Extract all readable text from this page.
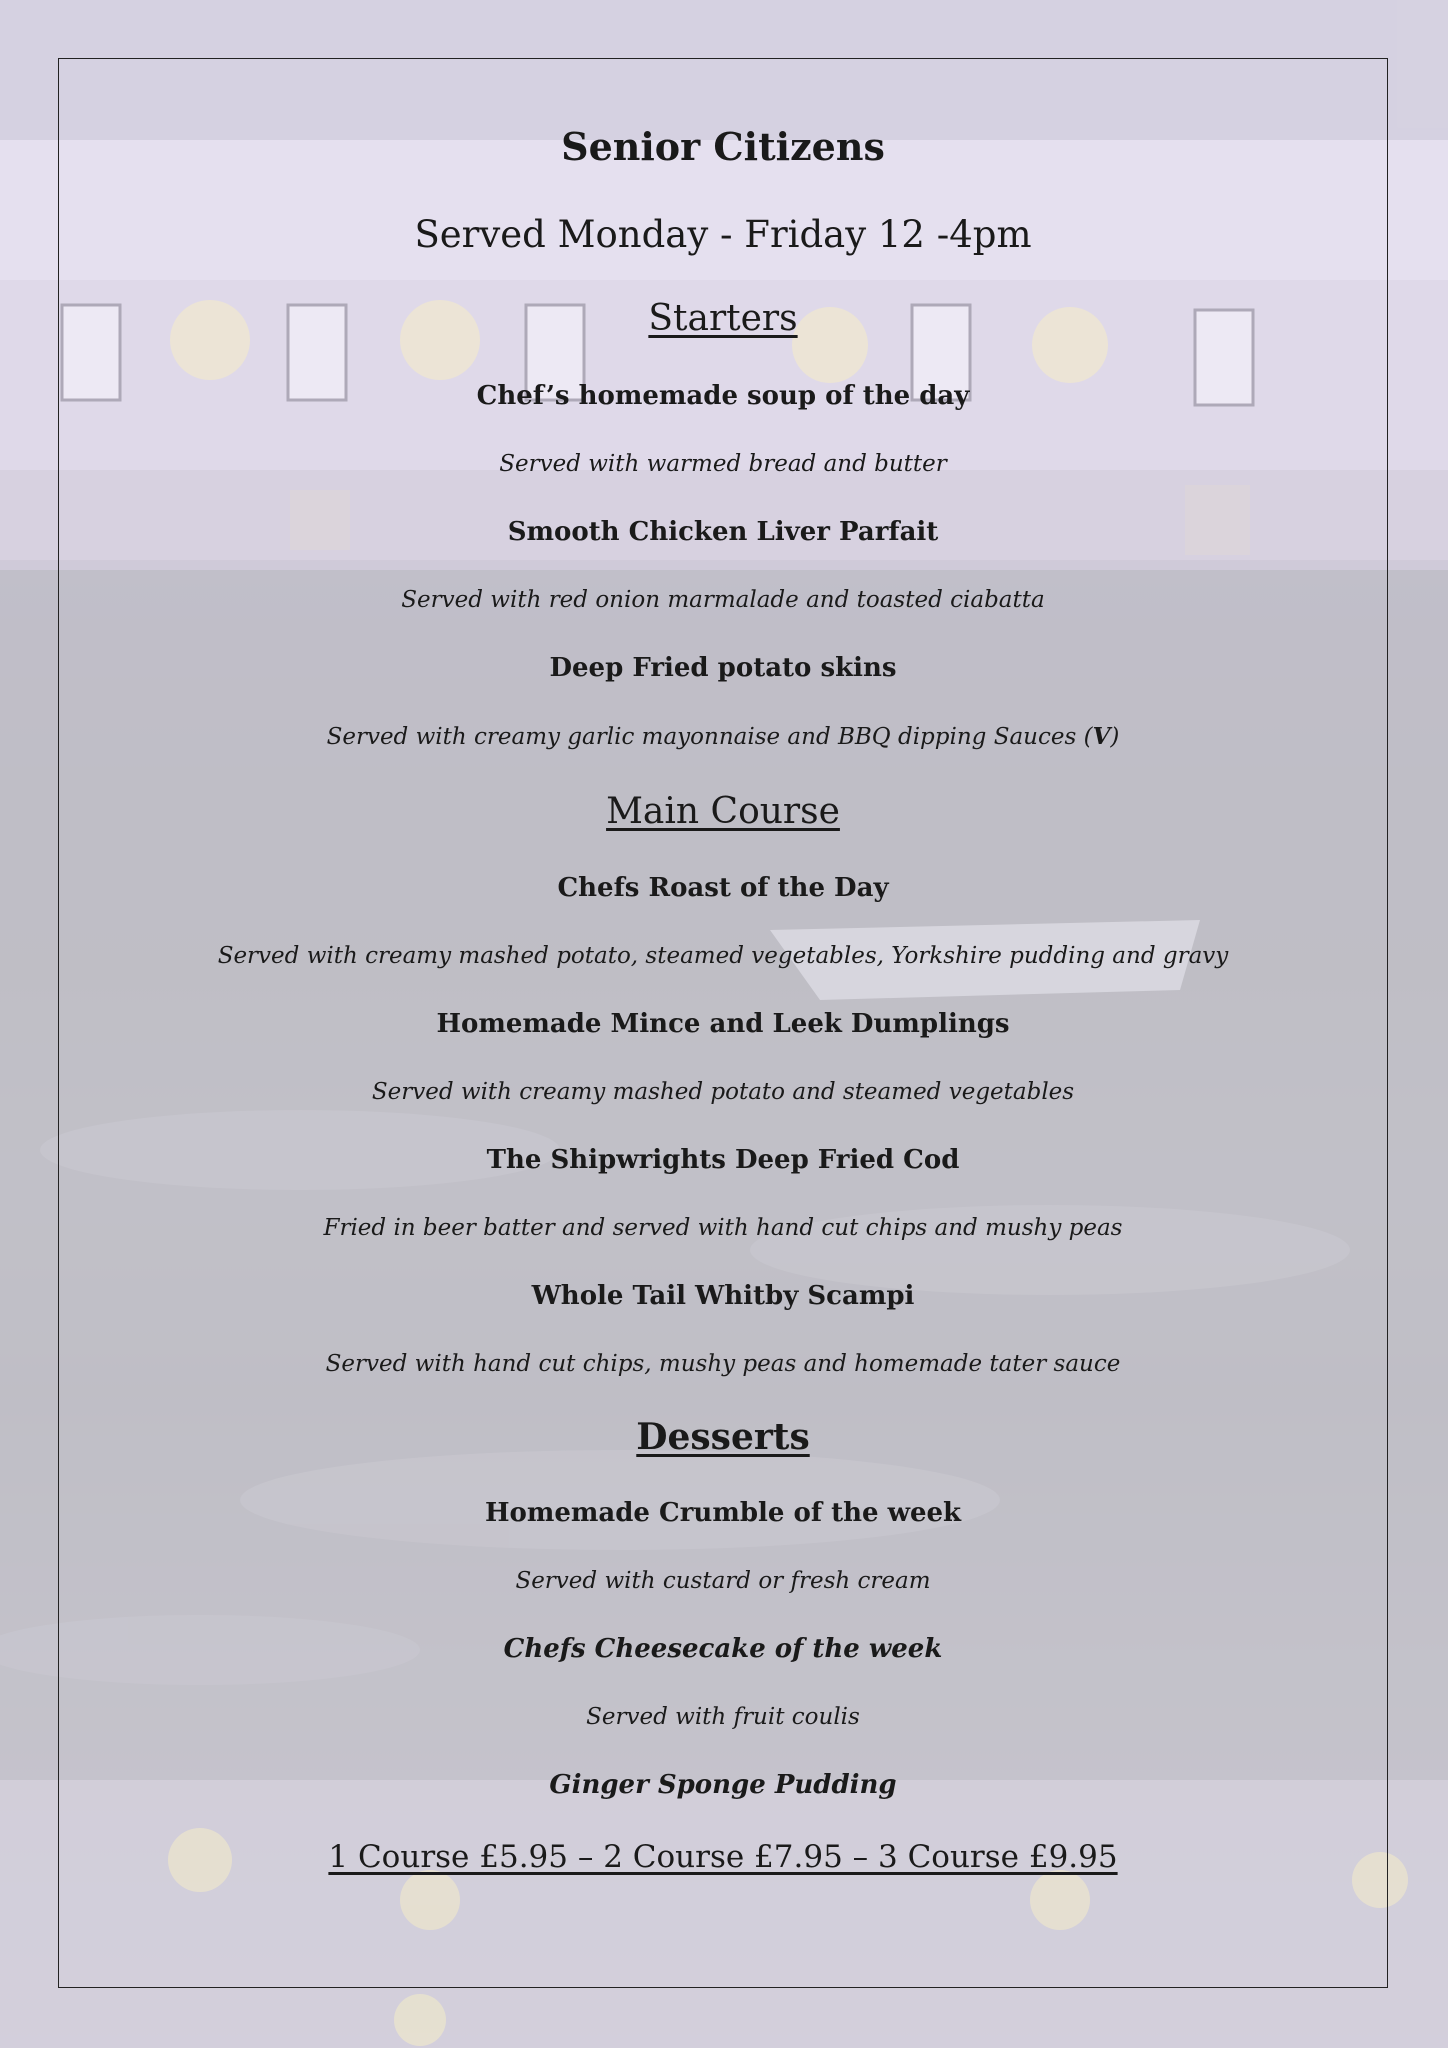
Senior Citizens
Served Monday - Friday 12 -4pm
Starters
Chef’s homemade soup of the day
Served with warmed bread and butter
Smooth Chicken Liver Parfait
Served with red onion marmalade and toasted ciabatta
Deep Fried potato skins
Served with creamy garlic mayonnaise and BBQ dipping Sauces (V)
Main Course
Chefs Roast of the Day
Served with creamy mashed potato, steamed vegetables, Yorkshire pudding and gravy
Homemade Mince and Leek Dumplings
Served with creamy mashed potato and steamed vegetables
The Shipwrights Deep Fried Cod
Fried in beer batter and served with hand cut chips and mushy peas
Whole Tail Whitby Scampi
Served with hand cut chips, mushy peas and homemade tater sauce
Desserts
Homemade Crumble of the week
Served with custard or fresh cream
Chefs Cheesecake of the week
Served with fruit coulis
Ginger Sponge Pudding
1 Course £5.95 – 2 Course £7.95 – 3 Course £9.95
